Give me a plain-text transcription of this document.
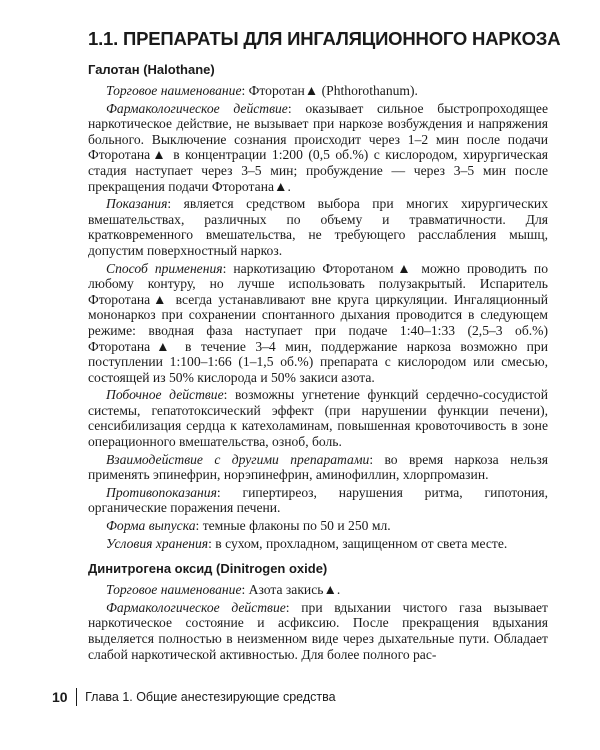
1.1. ПРЕПАРАТЫ ДЛЯ ИНГАЛЯЦИОННОГО НАРКОЗА
Галотан (Halothane)

Торговое наименование: Фторотан▲ (Phthorothanum).

Фармакологическое действие: оказывает сильное быстропроходящее наркотическое действие, не вызывает при наркозе возбуждения и напряжения больного. Выключение сознания происходит через 1–2 мин после подачи Фторотана▲ в концентрации 1:200 (0,5 об.%) с кислородом, хирургическая стадия наступает через 3–5 мин; пробуждение — через 3–5 мин после прекращения подачи Фторотана▲.

Показания: является средством выбора при многих хирургических вмешательствах, различных по объему и травматичности. Для кратковременного вмешательства, не требующего расслабления мышц, допустим поверхностный наркоз.

Способ применения: наркотизацию Фторотаном▲ можно проводить по любому контуру, но лучше использовать полузакрытый. Испаритель Фторотана▲ всегда устанавливают вне круга циркуляции. Ингаляционный мононаркоз при сохранении спонтанного дыхания проводится в следующем режиме: вводная фаза наступает при подаче 1:40–1:33 (2,5–3 об.%) Фторотана▲ в течение 3–4 мин, поддержание наркоза возможно при поступлении 1:100–1:66 (1–1,5 об.%) препарата с кислородом или смесью, состоящей из 50% кислорода и 50% закиси азота.

Побочное действие: возможны угнетение функций сердечно-сосудистой системы, гепатотоксический эффект (при нарушении функции печени), сенсибилизация сердца к катехоламинам, повышенная кровоточивость в зоне операционного вмешательства, озноб, боль.

Взаимодействие с другими препаратами: во время наркоза нельзя применять эпинефрин, норэпинефрин, аминофиллин, хлорпромазин.

Противопоказания: гипертиреоз, нарушения ритма, гипотония, органические поражения печени.

Форма выпуска: темные флаконы по 50 и 250 мл.

Условия хранения: в сухом, прохладном, защищенном от света месте.

Динитрогена оксид (Dinitrogen oxide)

Торговое наименование: Азота закись▲.

Фармакологическое действие: при вдыхании чистого газа вызывает наркотическое состояние и асфиксию. После прекращения вдыхания выделяется полностью в неизменном виде через дыхательные пути. Обладает слабой наркотической активностью. Для более полного рас-

10 Глава 1. Общие анестезирующие средства
